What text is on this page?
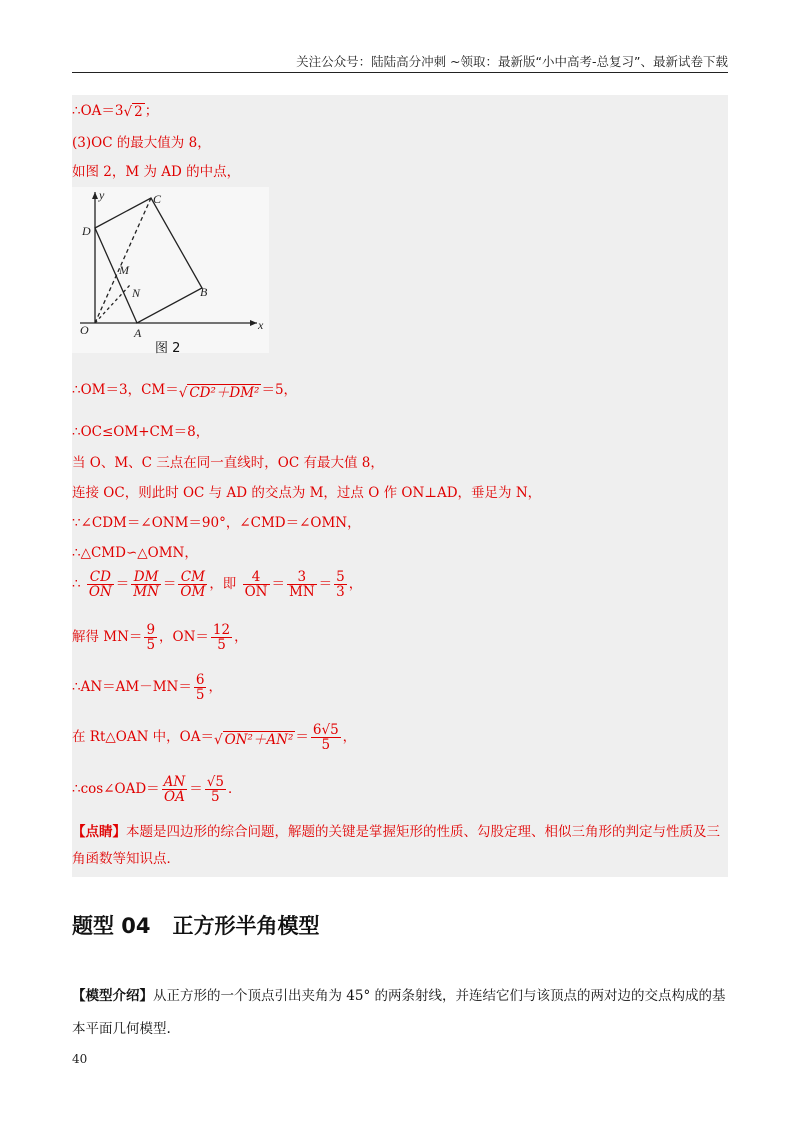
关注公众号：陆陆高分冲刺 ~领取：最新版“小中高考-总复习”、最新试卷下载
∴OA＝3√ 2 ；
(3)OC 的最大值为 8，
如图 2，M 为 AD 的中点，
y
x
O	A
B
C
D
M
N
图 2
∴OM＝3，CM＝√ CD²＋DM² ＝5，
∴OC≤OM+CM＝8，
当 O、M、C 三点在同一直线时，OC 有最大值 8，
连接 OC，则此时 OC 与 AD 的交点为 M，过点 O 作 ON⊥AD，垂足为 N，
∵∠CDM＝∠ONM＝90°，∠CMD＝∠OMN，
∴△CMD∽△OMN，
∴ $\frac{CD}{ON} = \frac{DM}{MN} = \frac{CM}{OM}$ ，即 $\frac{4}{ON} = \frac{3}{MN} = \frac{5}{3}$ ，
解得 $MN= \frac{9}{5}$ ，$ON= \frac{12}{5}$ ，
∴AN＝AM－MN＝ $\frac{6}{5}$ ，
在 Rt△OAN 中，OA＝√ $ON^2+AN^2 = \frac{6√5}{5}$ ，
∴cos∠OAD＝ $\frac{AN}{OA} = \frac{√5}{5}$ ．
【点睛】本题是四边形的综合问题，解题的关键是掌握矩形的性质、勾股定理、相似三角形的判定与性质及三角函数等知识点．
题型 04 正方形半角模型
【模型介绍】从正方形的一个顶点引出夹角为 45° 的两条射线，并连结它们与该顶点的两对边的交点构成的基本平面几何模型.
40
